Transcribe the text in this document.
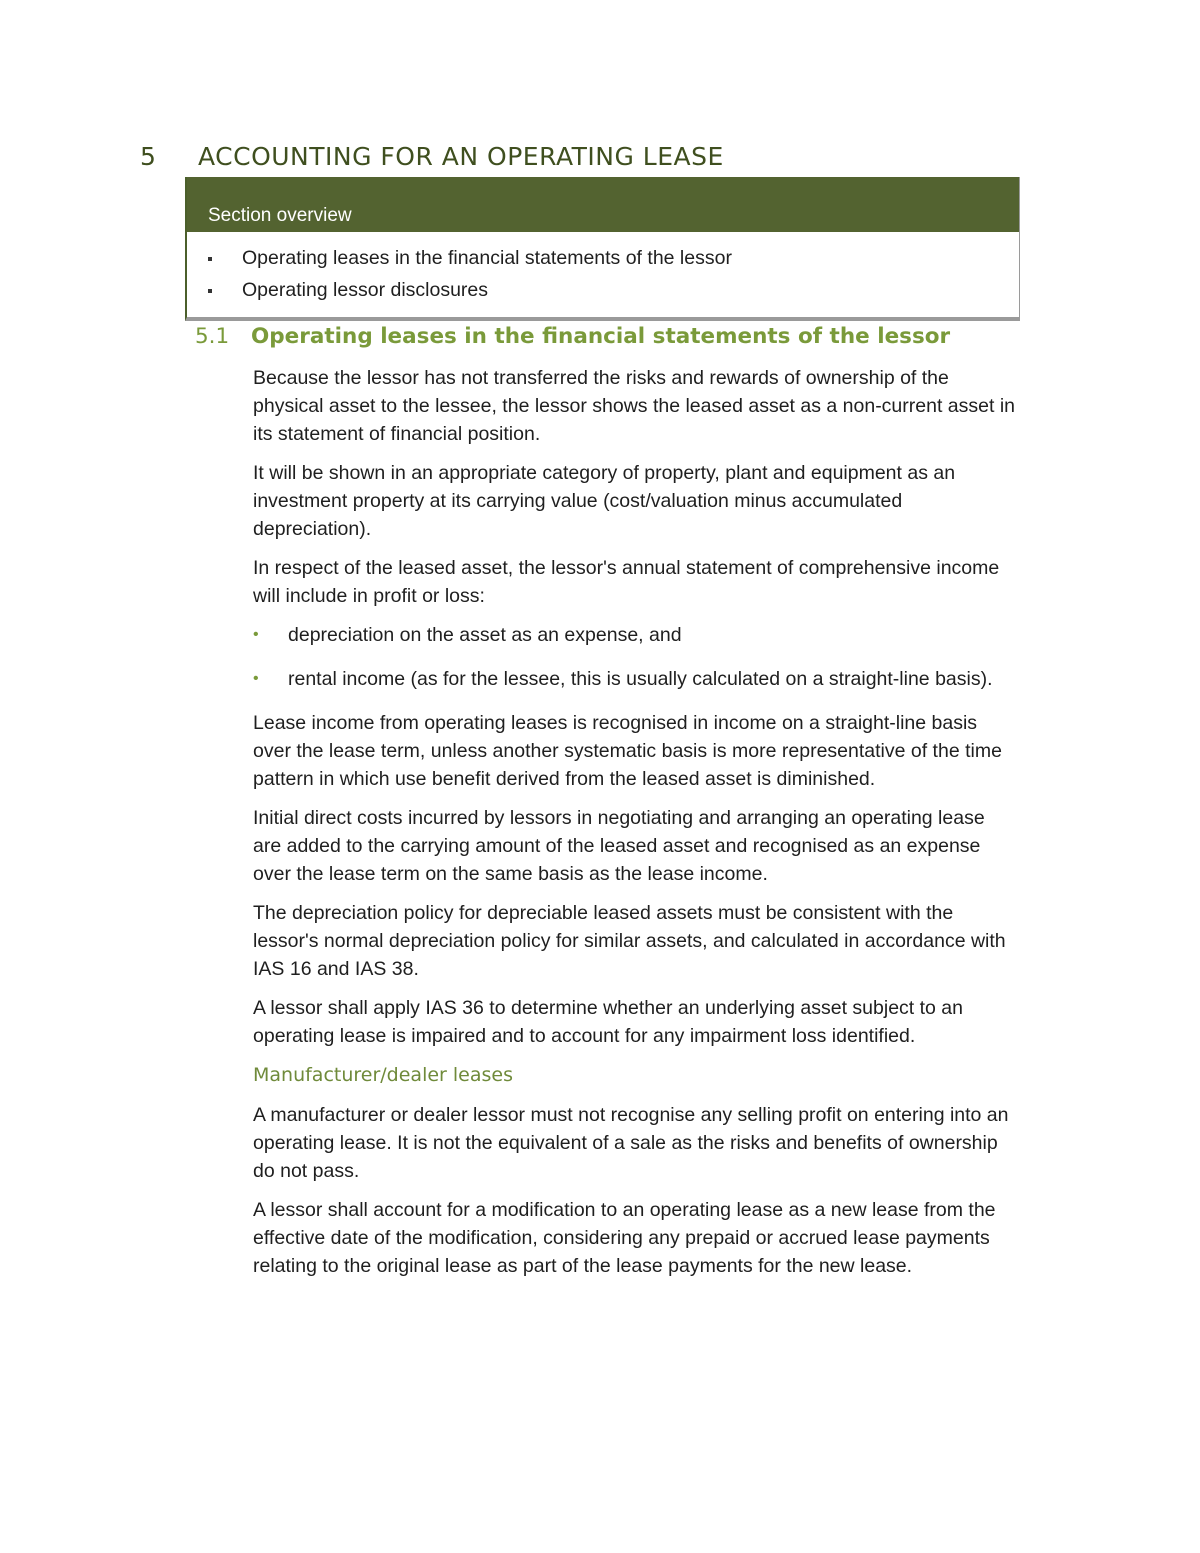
5 ACCOUNTING FOR AN OPERATING LEASE
Section overview
Operating leases in the financial statements of the lessor
Operating lessor disclosures
5.1 Operating leases in the financial statements of the lessor

Because the lessor has not transferred the risks and rewards of ownership of the physical asset to the lessee, the lessor shows the leased asset as a non-current asset in its statement of financial position.

It will be shown in an appropriate category of property, plant and equipment as an investment property at its carrying value (cost/valuation minus accumulated depreciation).

In respect of the leased asset, the lessor's annual statement of comprehensive income will include in profit or loss:

• depreciation on the asset as an expense, and
• rental income (as for the lessee, this is usually calculated on a straight-line basis).

Lease income from operating leases is recognised in income on a straight-line basis over the lease term, unless another systematic basis is more representative of the time pattern in which use benefit derived from the leased asset is diminished.

Initial direct costs incurred by lessors in negotiating and arranging an operating lease are added to the carrying amount of the leased asset and recognised as an expense over the lease term on the same basis as the lease income.

The depreciation policy for depreciable leased assets must be consistent with the lessor's normal depreciation policy for similar assets, and calculated in accordance with IAS 16 and IAS 38.

A lessor shall apply IAS 36 to determine whether an underlying asset subject to an operating lease is impaired and to account for any impairment loss identified.

Manufacturer/dealer leases

A manufacturer or dealer lessor must not recognise any selling profit on entering into an operating lease. It is not the equivalent of a sale as the risks and benefits of ownership do not pass.

A lessor shall account for a modification to an operating lease as a new lease from the effective date of the modification, considering any prepaid or accrued lease payments relating to the original lease as part of the lease payments for the new lease.
